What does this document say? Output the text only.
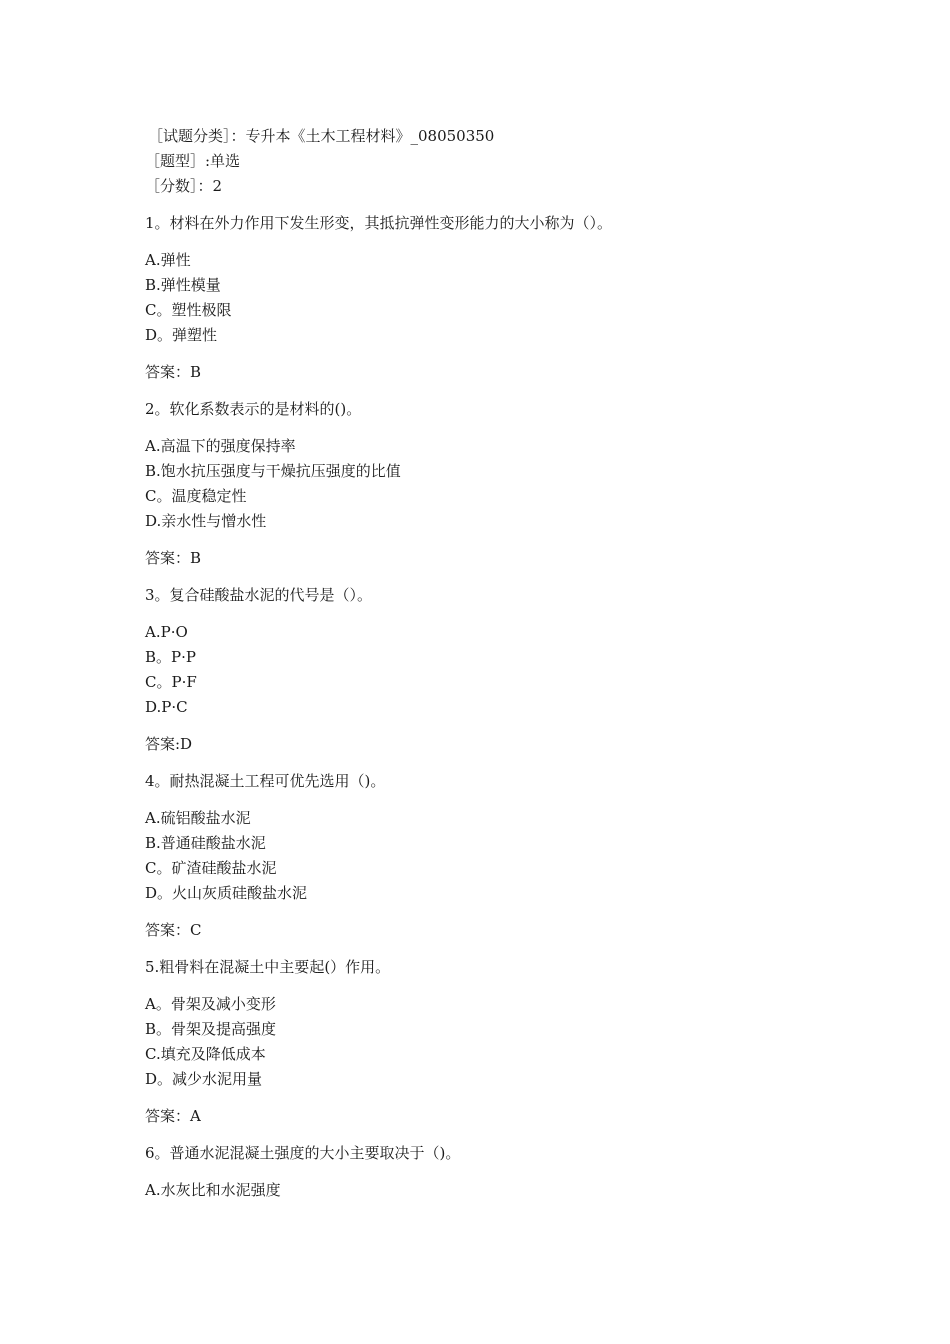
［试题分类］：专升本《土木工程材料》_08050350
［题型］:单选
［分数］：2
1。材料在外力作用下发生形变，其抵抗弹性变形能力的大小称为（）。
A.弹性
B.弹性模量
C。塑性极限
D。弹塑性
答案：B
2。软化系数表示的是材料的()。
A.高温下的强度保持率
B.饱水抗压强度与干燥抗压强度的比值
C。温度稳定性
D.亲水性与憎水性
答案：B
3。复合硅酸盐水泥的代号是（）。
A.P·O
B。P·P
C。P·F
D.P·C
答案:D
4。耐热混凝土工程可优先选用（)。
A.硫铝酸盐水泥
B.普通硅酸盐水泥
C。矿渣硅酸盐水泥
D。火山灰质硅酸盐水泥
答案：C
5.粗骨料在混凝土中主要起(）作用。
A。骨架及减小变形
B。骨架及提高强度
C.填充及降低成本
D。减少水泥用量
答案：A
6。普通水泥混凝土强度的大小主要取决于（)。
A.水灰比和水泥强度
